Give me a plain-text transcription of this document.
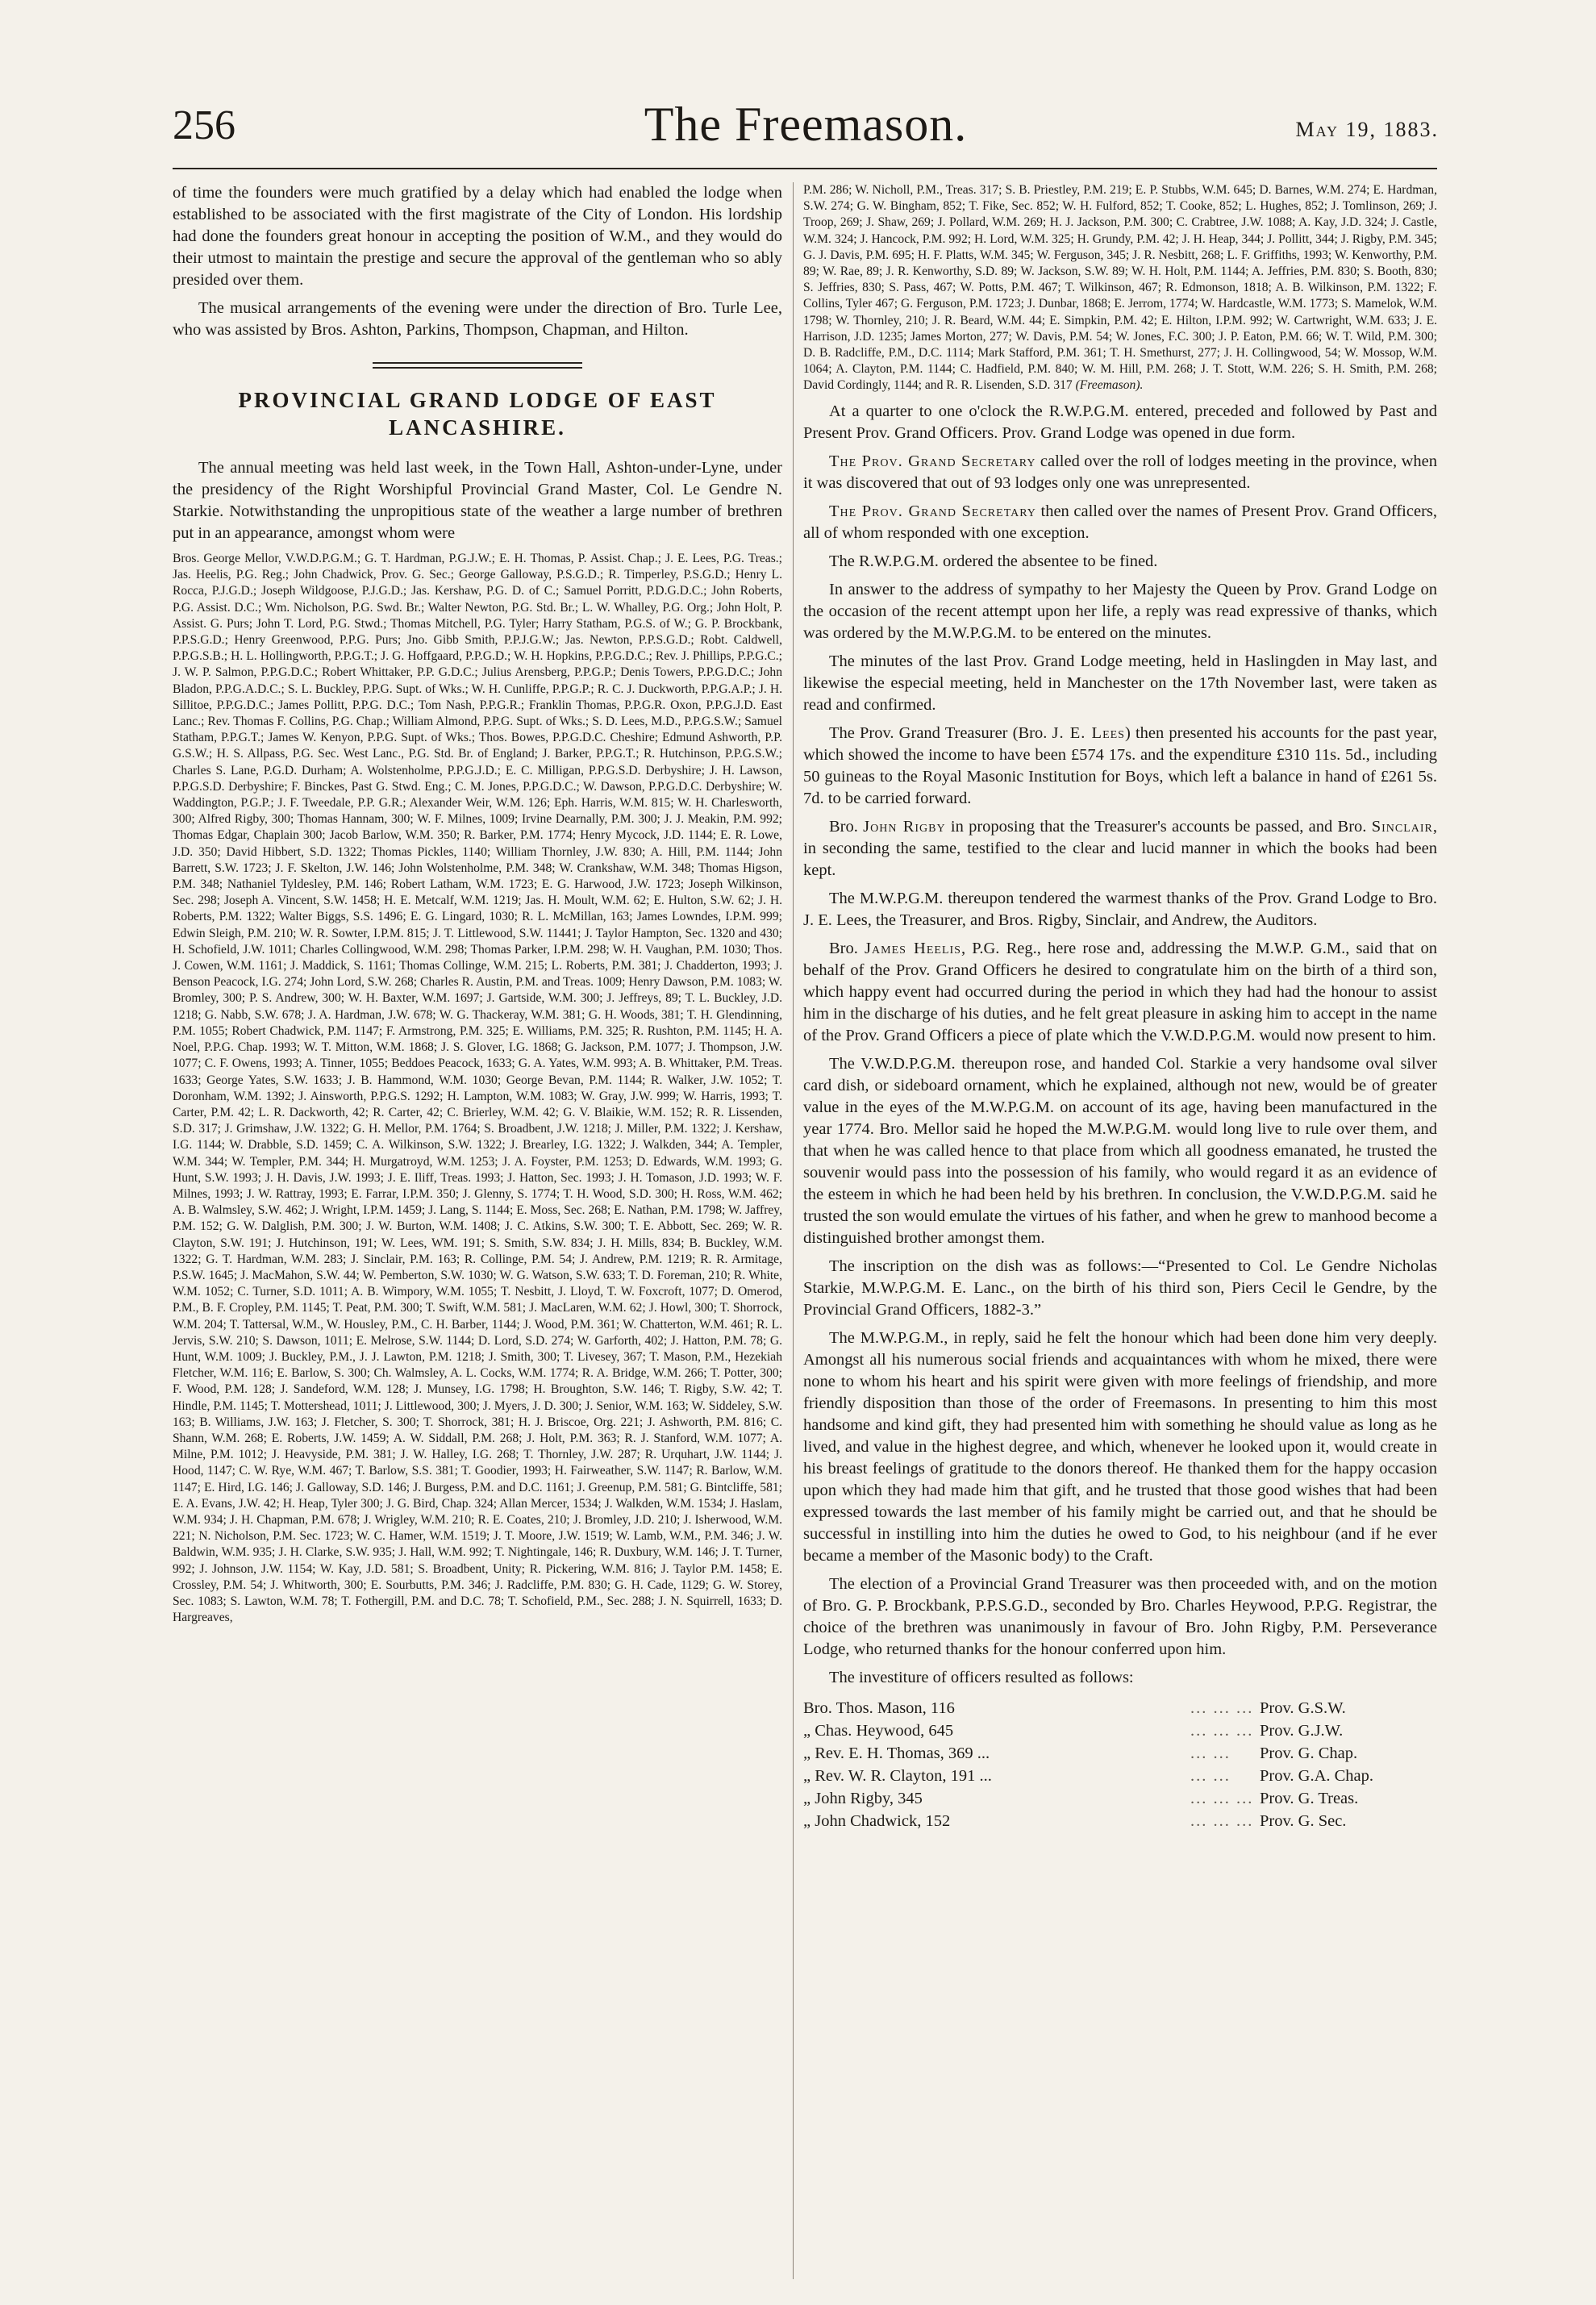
256	The Freemason.	May 19, 1883.

of time the founders were much gratified by a delay which had enabled the lodge when established to be associated with the first magistrate of the City of London. His lordship had done the founders great honour in accepting the position of W.M., and they would do their utmost to maintain the prestige and secure the approval of the gentleman who so ably presided over them.

The musical arrangements of the evening were under the direction of Bro. Turle Lee, who was assisted by Bros. Ashton, Parkins, Thompson, Chapman, and Hilton.

PROVINCIAL GRAND LODGE OF EAST LANCASHIRE.

The annual meeting was held last week, in the Town Hall, Ashton-under-Lyne, under the presidency of the Right Worshipful Provincial Grand Master, Col. Le Gendre N. Starkie. Notwithstanding the unpropitious state of the weather a large number of brethren put in an appearance, amongst whom were

Bros. George Mellor, V.W.D.P.G.M.; G. T. Hardman, P.G.J.W.; E. H. Thomas, P. Assist. Chap.; J. E. Lees, P.G. Treas.; Jas. Heelis, P.G. Reg.; John Chadwick, Prov. G. Sec.; George Galloway, P.S.G.D.; R. Timperley, P.S.G.D.; Henry L. Rocca, P.J.G.D.; Joseph Wildgoose, P.J.G.D.; Jas. Kershaw, P.G. D. of C.; Samuel Porritt, P.D.G.D.C.; John Roberts, P.G. Assist. D.C.; Wm. Nicholson, P.G. Swd. Br.; Walter Newton, P.G. Std. Br.; L. W. Whalley, P.G. Org.; John Holt, P. Assist. G. Purs; John T. Lord, P.G. Stwd.; Thomas Mitchell, P.G. Tyler; Harry Statham, P.G.S. of W.; G. P. Brockbank, P.P.S.G.D.; Henry Greenwood, P.P.G. Purs; Jno. Gibb Smith, P.P.J.G.W.; Jas. Newton, P.P.S.G.D.; Robt. Caldwell, P.P.G.S.B.; H. L. Hollingworth, P.P.G.T.; J. G. Hoffgaard, P.P.G.D.; W. H. Hopkins, P.P.G.D.C.; Rev. J. Phillips, P.P.G.C.; J. W. P. Salmon, P.P.G.D.C.; Robert Whittaker, P.P. G.D.C.; Julius Arensberg, P.P.G.P.; Denis Towers, P.P.G.D.C.; John Bladon, P.P.G.A.D.C.; S. L. Buckley, P.P.G. Supt. of Wks.; W. H. Cunliffe, P.P.G.P.; R. C. J. Duckworth, P.P.G.A.P.; J. H. Sillitoe, P.P.G.D.C.; James Pollitt, P.P.G. D.C.; Tom Nash, P.P.G.R.; Franklin Thomas, P.P.G.R. Oxon, P.P.G.J.D. East Lanc.; Rev. Thomas F. Collins, P.G. Chap.; William Almond, P.P.G. Supt. of Wks.; S. D. Lees, M.D., P.P.G.S.W.; Samuel Statham, P.P.G.T.; James W. Kenyon, P.P.G. Supt. of Wks.; Thos. Bowes, P.P.G.D.C. Cheshire; Edmund Ashworth, P.P. G.S.W.; H. S. Allpass, P.G. Sec. West Lanc., P.G. Std. Br. of England; J. Barker, P.P.G.T.; R. Hutchinson, P.P.G.S.W.; Charles S. Lane, P.G.D. Durham; A. Wolstenholme, P.P.G.J.D.; E. C. Milligan, P.P.G.S.D. Derbyshire; J. H. Lawson, P.P.G.S.D. Derbyshire; F. Binckes, Past G. Stwd. Eng.; C. M. Jones, P.P.G.D.C.; W. Dawson, P.P.G.D.C. Derbyshire; W. Waddington, P.G.P.; J. F. Tweedale, P.P. G.R.; Alexander Weir, W.M. 126; Eph. Harris, W.M. 815; W. H. Charlesworth, 300; Alfred Rigby, 300; Thomas Hannam, 300; W. F. Milnes, 1009; Irvine Dearnally, P.M. 300; J. J. Meakin, P.M. 992; Thomas Edgar, Chaplain 300; Jacob Barlow, W.M. 350; R. Barker, P.M. 1774; Henry Mycock, J.D. 1144; E. R. Lowe, J.D. 350; David Hibbert, S.D. 1322; Thomas Pickles, 1140; William Thornley, J.W. 830; A. Hill, P.M. 1144; John Barrett, S.W. 1723; J. F. Skelton, J.W. 146; John Wolstenholme, P.M. 348; W. Crankshaw, W.M. 348; Thomas Higson, P.M. 348; Nathaniel Tyldesley, P.M. 146; Robert Latham, W.M. 1723; E. G. Harwood, J.W. 1723; Joseph Wilkinson, Sec. 298; Joseph A. Vincent, S.W. 1458; H. E. Metcalf, W.M. 1219; Jas. H. Moult, W.M. 62; E. Hulton, S.W. 62; J. H. Roberts, P.M. 1322; Walter Biggs, S.S. 1496; E. G. Lingard, 1030; R. L. McMillan, 163; James Lowndes, I.P.M. 999; Edwin Sleigh, P.M. 210; W. R. Sowter, I.P.M. 815; J. T. Littlewood, S.W. 11441; J. Taylor Hampton, Sec. 1320 and 430; H. Schofield, J.W. 1011; Charles Collingwood, W.M. 298; Thomas Parker, I.P.M. 298; W. H. Vaughan, P.M. 1030; Thos. J. Cowen, W.M. 1161; J. Maddick, S. 1161; Thomas Collinge, W.M. 215; L. Roberts, P.M. 381; J. Chadderton, 1993; J. Benson Peacock, I.G. 274; John Lord, S.W. 268; Charles R. Austin, P.M. and Treas. 1009; Henry Dawson, P.M. 1083; W. Bromley, 300; P. S. Andrew, 300; W. H. Baxter, W.M. 1697; J. Gartside, W.M. 300; J. Jeffreys, 89; T. L. Buckley, J.D. 1218; G. Nabb, S.W. 678; J. A. Hardman, J.W. 678; W. G. Thackeray, W.M. 381; G. H. Woods, 381; T. H. Glendinning, P.M. 1055; Robert Chadwick, P.M. 1147; F. Armstrong, P.M. 325; E. Williams, P.M. 325; R. Rushton, P.M. 1145; H. A. Noel, P.P.G. Chap. 1993; W. T. Mitton, W.M. 1868; J. S. Glover, I.G. 1868; G. Jackson, P.M. 1077; J. Thompson, J.W. 1077; C. F. Owens, 1993; A. Tinner, 1055; Beddoes Peacock, 1633; G. A. Yates, W.M. 993; A. B. Whittaker, P.M. Treas. 1633; George Yates, S.W. 1633; J. B. Hammond, W.M. 1030; George Bevan, P.M. 1144; R. Walker, J.W. 1052; T. Doronham, W.M. 1392; J. Ainsworth, P.P.G.S. 1292; H. Lampton, W.M. 1083; W. Gray, J.W. 999; W. Harris, 1993; T. Carter, P.M. 42; L. R. Dackworth, 42; R. Carter, 42; C. Brierley, W.M. 42; G. V. Blaikie, W.M. 152; R. R. Lissenden, S.D. 317; J. Grimshaw, J.W. 1322; G. H. Mellor, P.M. 1764; S. Broadbent, J.W. 1218; J. Miller, P.M. 1322; J. Kershaw, I.G. 1144; W. Drabble, S.D. 1459; C. A. Wilkinson, S.W. 1322; J. Brearley, I.G. 1322; J. Walkden, 344; A. Templer, W.M. 344; W. Templer, P.M. 344; H. Murgatroyd, W.M. 1253; J. A. Foyster, P.M. 1253; D. Edwards, W.M. 1993; G. Hunt, S.W. 1993; J. H. Davis, J.W. 1993; J. E. Iliff, Treas. 1993; J. Hatton, Sec. 1993; J. H. Tomason, J.D. 1993; W. F. Milnes, 1993; J. W. Rattray, 1993; E. Farrar, I.P.M. 350; J. Glenny, S. 1774; T. H. Wood, S.D. 300; H. Ross, W.M. 462; A. B. Walmsley, S.W. 462; J. Wright, I.P.M. 1459; J. Lang, S. 1144; E. Moss, Sec. 268; E. Nathan, P.M. 1798; W. Jaffrey, P.M. 152; G. W. Dalglish, P.M. 300; J. W. Burton, W.M. 1408; J. C. Atkins, S.W. 300; T. E. Abbott, Sec. 269; W. R. Clayton, S.W. 191; J. Hutchinson, 191; W. Lees, WM. 191; S. Smith, S.W. 834; J. H. Mills, 834; B. Buckley, W.M. 1322; G. T. Hardman, W.M. 283; J. Sinclair, P.M. 163; R. Collinge, P.M. 54; J. Andrew, P.M. 1219; R. R. Armitage, P.S.W. 1645; J. MacMahon, S.W. 44; W. Pemberton, S.W. 1030; W. G. Watson, S.W. 633; T. D. Foreman, 210; R. White, W.M. 1052; C. Turner, S.D. 1011; A. B. Wimpory, W.M. 1055; T. Nesbitt, J. Lloyd, T. W. Foxcroft, 1077; D. Omerod, P.M., B. F. Cropley, P.M. 1145; T. Peat, P.M. 300; T. Swift, W.M. 581; J. MacLaren, W.M. 62; J. Howl, 300; T. Shorrock, W.M. 204; T. Tattersal, W.M., W. Housley, P.M., C. H. Barber, 1144; J. Wood, P.M. 361; W. Chatterton, W.M. 461; R. L. Jervis, S.W. 210; S. Dawson, 1011; E. Melrose, S.W. 1144; D. Lord, S.D. 274; W. Garforth, 402; J. Hatton, P.M. 78; G. Hunt, W.M. 1009; J. Buckley, P.M., J. J. Lawton, P.M. 1218; J. Smith, 300; T. Livesey, 367; T. Mason, P.M., Hezekiah Fletcher, W.M. 116; E. Barlow, S. 300; Ch. Walmsley, A. L. Cocks, W.M. 1774; R. A. Bridge, W.M. 266; T. Potter, 300; F. Wood, P.M. 128; J. Sandeford, W.M. 128; J. Munsey, I.G. 1798; H. Broughton, S.W. 146; T. Rigby, S.W. 42; T. Hindle, P.M. 1145; T. Mottershead, 1011; J. Littlewood, 300; J. Myers, J. D. 300; J. Senior, W.M. 163; W. Siddeley, S.W. 163; B. Williams, J.W. 163; J. Fletcher, S. 300; T. Shorrock, 381; H. J. Briscoe, Org. 221; J. Ashworth, P.M. 816; C. Shann, W.M. 268; E. Roberts, J.W. 1459; A. W. Siddall, P.M. 268; J. Holt, P.M. 363; R. J. Stanford, W.M. 1077; A. Milne, P.M. 1012; J. Heavyside, P.M. 381; J. W. Halley, I.G. 268; T. Thornley, J.W. 287; R. Urquhart, J.W. 1144; J. Hood, 1147; C. W. Rye, W.M. 467; T. Barlow, S.S. 381; T. Goodier, 1993; H. Fairweather, S.W. 1147; R. Barlow, W.M. 1147; E. Hird, I.G. 146; J. Galloway, S.D. 146; J. Burgess, P.M. and D.C. 1161; J. Greenup, P.M. 581; G. Bintcliffe, 581; E. A. Evans, J.W. 42; H. Heap, Tyler 300; J. G. Bird, Chap. 324; Allan Mercer, 1534; J. Walkden, W.M. 1534; J. Haslam, W.M. 934; J. H. Chapman, P.M. 678; J. Wrigley, W.M. 210; R. E. Coates, 210; J. Bromley, J.D. 210; J. Isherwood, W.M. 221; N. Nicholson, P.M. Sec. 1723; W. C. Hamer, W.M. 1519; J. T. Moore, J.W. 1519; W. Lamb, W.M., P.M. 346; J. W. Baldwin, W.M. 935; J. H. Clarke, S.W. 935; J. Hall, W.M. 992; T. Nightingale, 146; R. Duxbury, W.M. 146; J. T. Turner, 992; J. Johnson, J.W. 1154; W. Kay, J.D. 581; S. Broadbent, Unity; R. Pickering, W.M. 816; J. Taylor P.M. 1458; E. Crossley, P.M. 54; J. Whitworth, 300; E. Sourbutts, P.M. 346; J. Radcliffe, P.M. 830; G. H. Cade, 1129; G. W. Storey, Sec. 1083; S. Lawton, W.M. 78; T. Fothergill, P.M. and D.C. 78; T. Schofield, P.M., Sec. 288; J. N. Squirrell, 1633; D. Hargreaves,

P.M. 286; W. Nicholl, P.M., Treas. 317; S. B. Priestley, P.M. 219; E. P. Stubbs, W.M. 645; D. Barnes, W.M. 274; E. Hardman, S.W. 274; G. W. Bingham, 852; T. Fike, Sec. 852; W. H. Fulford, 852; T. Cooke, 852; L. Hughes, 852; J. Tomlinson, 269; J. Troop, 269; J. Shaw, 269; J. Pollard, W.M. 269; H. J. Jackson, P.M. 300; C. Crabtree, J.W. 1088; A. Kay, J.D. 324; J. Castle, W.M. 324; J. Hancock, P.M. 992; H. Lord, W.M. 325; H. Grundy, P.M. 42; J. H. Heap, 344; J. Pollitt, 344; J. Rigby, P.M. 345; G. J. Davis, P.M. 695; H. F. Platts, W.M. 345; W. Ferguson, 345; J. R. Nesbitt, 268; L. F. Griffiths, 1993; W. Kenworthy, P.M. 89; W. Rae, 89; J. R. Kenworthy, S.D. 89; W. Jackson, S.W. 89; W. H. Holt, P.M. 1144; A. Jeffries, P.M. 830; S. Booth, 830; S. Jeffries, 830; S. Pass, 467; W. Potts, P.M. 467; T. Wilkinson, 467; R. Edmonson, 1818; A. B. Wilkinson, P.M. 1322; F. Collins, Tyler 467; G. Ferguson, P.M. 1723; J. Dunbar, 1868; E. Jerrom, 1774; W. Hardcastle, W.M. 1773; S. Mamelok, W.M. 1798; W. Thornley, 210; J. R. Beard, W.M. 44; E. Simpkin, P.M. 42; E. Hilton, I.P.M. 992; W. Cartwright, W.M. 633; J. E. Harrison, J.D. 1235; James Morton, 277; W. Davis, P.M. 54; W. Jones, F.C. 300; J. P. Eaton, P.M. 66; W. T. Wild, P.M. 300; D. B. Radcliffe, P.M., D.C. 1114; Mark Stafford, P.M. 361; T. H. Smethurst, 277; J. H. Collingwood, 54; W. Mossop, W.M. 1064; A. Clayton, P.M. 1144; C. Hadfield, P.M. 840; W. M. Hill, P.M. 268; J. T. Stott, W.M. 226; S. H. Smith, P.M. 268; David Cordingly, 1144; and R. R. Lisenden, S.D. 317 (Freemason).

At a quarter to one o'clock the R.W.P.G.M. entered, preceded and followed by Past and Present Prov. Grand Officers. Prov. Grand Lodge was opened in due form.

The Prov. Grand Secretary called over the roll of lodges meeting in the province, when it was discovered that out of 93 lodges only one was unrepresented.

The Prov. Grand Secretary then called over the names of Present Prov. Grand Officers, all of whom responded with one exception.

The R.W.P.G.M. ordered the absentee to be fined.

In answer to the address of sympathy to her Majesty the Queen by Prov. Grand Lodge on the occasion of the recent attempt upon her life, a reply was read expressive of thanks, which was ordered by the M.W.P.G.M. to be entered on the minutes.

The minutes of the last Prov. Grand Lodge meeting, held in Haslingden in May last, and likewise the especial meeting, held in Manchester on the 17th November last, were taken as read and confirmed.

The Prov. Grand Treasurer (Bro. J. E. Lees) then presented his accounts for the past year, which showed the income to have been £574 17s. and the expenditure £310 11s. 5d., including 50 guineas to the Royal Masonic Institution for Boys, which left a balance in hand of £261 5s. 7d. to be carried forward.

Bro. John Rigby in proposing that the Treasurer's accounts be passed, and Bro. Sinclair, in seconding the same, testified to the clear and lucid manner in which the books had been kept.

The M.W.P.G.M. thereupon tendered the warmest thanks of the Prov. Grand Lodge to Bro. J. E. Lees, the Treasurer, and Bros. Rigby, Sinclair, and Andrew, the Auditors.

Bro. James Heelis, P.G. Reg., here rose and, addressing the M.W.P. G.M., said that on behalf of the Prov. Grand Officers he desired to congratulate him on the birth of a third son, which happy event had occurred during the period in which they had had the honour to assist him in the discharge of his duties, and he felt great pleasure in asking him to accept in the name of the Prov. Grand Officers a piece of plate which the V.W.D.P.G.M. would now present to him.

The V.W.D.P.G.M. thereupon rose, and handed Col. Starkie a very handsome oval silver card dish, or sideboard ornament, which he explained, although not new, would be of greater value in the eyes of the M.W.P.G.M. on account of its age, having been manufactured in the year 1774. Bro. Mellor said he hoped the M.W.P.G.M. would long live to rule over them, and that when he was called hence to that place from which all goodness emanated, he trusted the souvenir would pass into the possession of his family, who would regard it as an evidence of the esteem in which he had been held by his brethren. In conclusion, the V.W.D.P.G.M. said he trusted the son would emulate the virtues of his father, and when he grew to manhood become a distinguished brother amongst them.

The inscription on the dish was as follows:—“Presented to Col. Le Gendre Nicholas Starkie, M.W.P.G.M. E. Lanc., on the birth of his third son, Piers Cecil le Gendre, by the Provincial Grand Officers, 1882-3.”

The M.W.P.G.M., in reply, said he felt the honour which had been done him very deeply. Amongst all his numerous social friends and acquaintances with whom he mixed, there were none to whom his heart and his spirit were given with more feelings of friendship, and more friendly disposition than those of the order of Freemasons. In presenting to him this most handsome and kind gift, they had presented him with something he should value as long as he lived, and value in the highest degree, and which, whenever he looked upon it, would create in his breast feelings of gratitude to the donors thereof. He thanked them for the happy occasion upon which they had made him that gift, and he trusted that those good wishes that had been expressed towards the last member of his family might be carried out, and that he should be successful in instilling into him the duties he owed to God, to his neighbour (and if he ever became a member of the Masonic body) to the Craft.

The election of a Provincial Grand Treasurer was then proceeded with, and on the motion of Bro. G. P. Brockbank, P.P.S.G.D., seconded by Bro. Charles Heywood, P.P.G. Registrar, the choice of the brethren was unanimously in favour of Bro. John Rigby, P.M. Perseverance Lodge, who returned thanks for the honour conferred upon him.

The investiture of officers resulted as follows:

Bro. Thos. Mason, 116	... ... ... Prov. G.S.W.
„ Chas. Heywood, 645	... ... ... Prov. G.J.W.
„ Rev. E. H. Thomas, 369 ...	... ...	Prov. G. Chap.
„ Rev. W. R. Clayton, 191 ...	... ...	Prov. G.A. Chap.
„ John Rigby, 345	... ... ... Prov. G. Treas.
„ John Chadwick, 152	... ... ... Prov. G. Sec.
